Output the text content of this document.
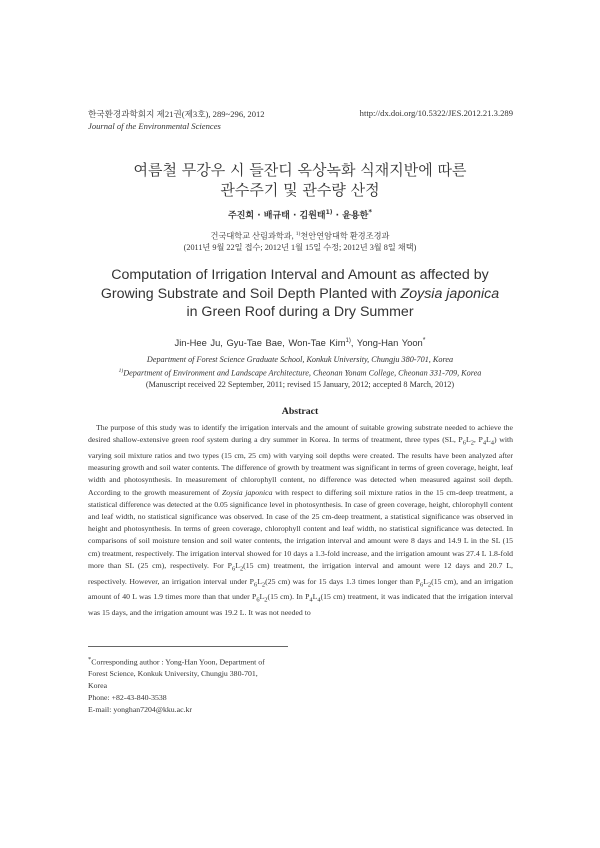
한국환경과학회지 제21권(제3호), 289~296, 2012
Journal of the Environmental Sciences
http://dx.doi.org/10.5322/JES.2012.21.3.289
여름철 무강우 시 들잔디 옥상녹화 식재지반에 따른
관수주기 및 관수량 산정
주진희 · 배규태 · 김원태$^{1)}$ · 윤용한*
건국대학교 산림과학과, $^{1)}$천안연암대학 환경조경과
(2011년 9월 22일 접수; 2012년 1월 15일 수정; 2012년 3월 8일 채택)
Computation of Irrigation Interval and Amount as affected by
Growing Substrate and Soil Depth Planted with Zoysia japonica
in Green Roof during a Dry Summer
Jin-Hee Ju, Gyu-Tae Bae, Won-Tae Kim$^{1)}$, Yong-Han Yoon*
Department of Forest Science Graduate School, Konkuk University, Chungju 380-701, Korea
$^{1)}$Department of Environment and Landscape Architecture, Cheonan Yonam College, Cheonan 331-709, Korea
(Manuscript received 22 September, 2011; revised 15 January, 2012; accepted 8 March, 2012)
Abstract

The purpose of this study was to identify the irrigation intervals and the amount of suitable growing substrate needed to achieve the desired shallow-extensive green roof system during a dry summer in Korea. In terms of treatment, three types (SL, $P_6L_2$, $P_4L_4$) with varying soil mixture ratios and two types (15 cm, 25 cm) with varying soil depths were created. The results have been analyzed after measuring growth and soil water contents. The difference of growth by treatment was significant in terms of green coverage, height, leaf width and photosynthesis. In measurement of chlorophyll content, no difference was detected when measured against soil depth. According to the growth measurement of Zoysia japonica with respect to differing soil mixture ratios in the 15 cm-deep treatment, a statistical difference was detected at the 0.05 significance level in photosynthesis. In case of green coverage, height, chlorophyll content and leaf width, no statistical significance was observed. In case of the 25 cm-deep treatment, a statistical significance was observed in height and photosynthesis. In terms of green coverage, chlorophyll content and leaf width, no statistical significance was detected. In comparisons of soil moisture tension and soil water contents, the irrigation interval and amount were 8 days and 14.9 L in the SL (15 cm) treatment, respectively. The irrigation interval showed for 10 days a 1.3-fold increase, and the irrigation amount was 27.4 L 1.8-fold more than SL (25 cm), respectively. For $P_6L_2(15$ cm) treatment, the irrigation interval and amount were 12 days and 20.7 L, respectively. However, an irrigation interval under $P_6L_2(25$ cm) was for 15 days 1.3 times longer than $P_6L_2(15$ cm), and an irrigation amount of 40 L was 1.9 times more than that under $P_6L_2(15$ cm). In $P_4L_4(15$ cm) treatment, it was indicated that the irrigation interval was 15 days, and the irrigation amount was 19.2 L. It was not needed to

*Corresponding author : Yong-Han Yoon, Department of
Forest Science, Konkuk University, Chungju 380-701,
Korea
Phone: +82-43-840-3538
E-mail: yonghan7204@kku.ac.kr
